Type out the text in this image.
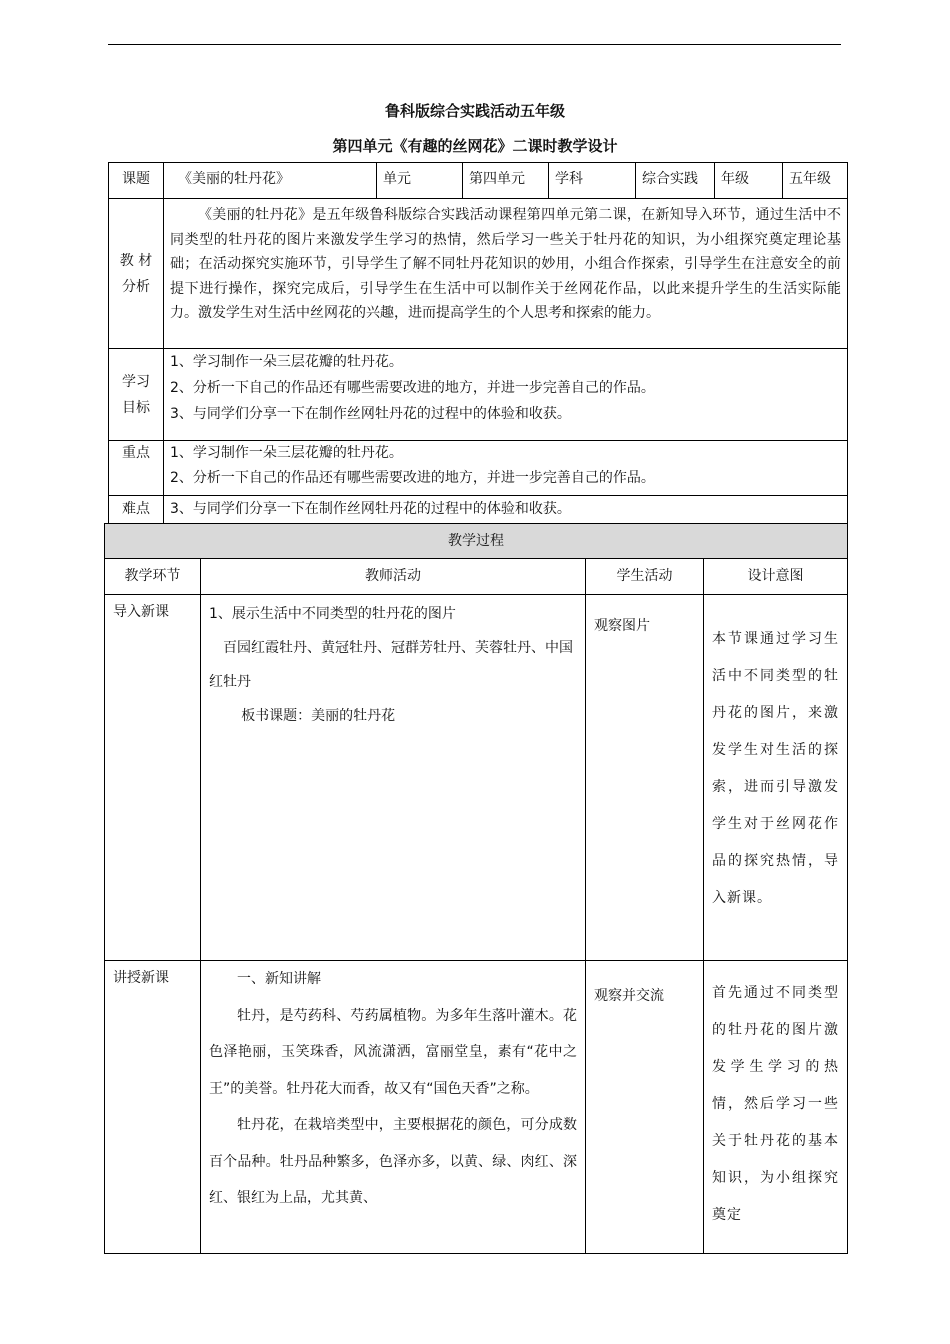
鲁科版综合实践活动五年级
第四单元《有趣的丝网花》二课时教学设计
课题	《美丽的牡丹花》	单元	第四单元	学科	综合实践	年级	五年级

教 材 分析	《美丽的牡丹花》是五年级鲁科版综合实践活动课程第四单元第二课，在新知导入环节，通过生活中不同类型的牡丹花的图片来激发学生学习的热情，然后学习一些关于牡丹花的知识，为小组探究奠定理论基础；在活动探究实施环节，引导学生了解不同牡丹花知识的妙用，小组合作探索，引导学生在注意安全的前提下进行操作，探究完成后，引导学生在生活中可以制作关于丝网花作品，以此来提升学生的生活实际能力。激发学生对生活中丝网花的兴趣，进而提高学生的个人思考和探索的能力。						

学习 目标	1、学习制作一朵三层花瓣的牡丹花。

2、分析一下自己的作品还有哪些需要改进的地方，并进一步完善自己的作品。

3、与同学们分享一下在制作丝网牡丹花的过程中的体验和收获。						

重点	1、学习制作一朵三层花瓣的牡丹花。

2、分析一下自己的作品还有哪些需要改进的地方，并进一步完善自己的作品。						

难点	3、与同学们分享一下在制作丝网牡丹花的过程中的体验和收获。						
教学过程			

教学环节	教师活动	学生活动	设计意图

导入新课	1、展示生活中不同类型的牡丹花的图片

百园红霞牡丹、黄冠牡丹、冠群芳牡丹、芙蓉牡丹、中国红牡丹

板书课题：美丽的牡丹花	观察图片	本节课通过学习生活中不同类型的牡丹花的图片，来激发学生对生活的探索，进而引导激发学生对于丝网花作品的探究热情，导入新课。

讲授新课	一、新知讲解

牡丹，是芍药科、芍药属植物。为多年生落叶灌木。花色泽艳丽，玉笑珠香，风流潇洒，富丽堂皇，素有“花中之王”的美誉。牡丹花大而香，故又有“国色天香”之称。

牡丹花，在栽培类型中，主要根据花的颜色，可分成数百个品种。牡丹品种繁多，色泽亦多，以黄、绿、肉红、深红、银红为上品，尤其黄、	观察并交流	首先通过不同类型的牡丹花的图片激发学生学习的热情，然后学习一些关于牡丹花的基本知识，为小组探究奠定
